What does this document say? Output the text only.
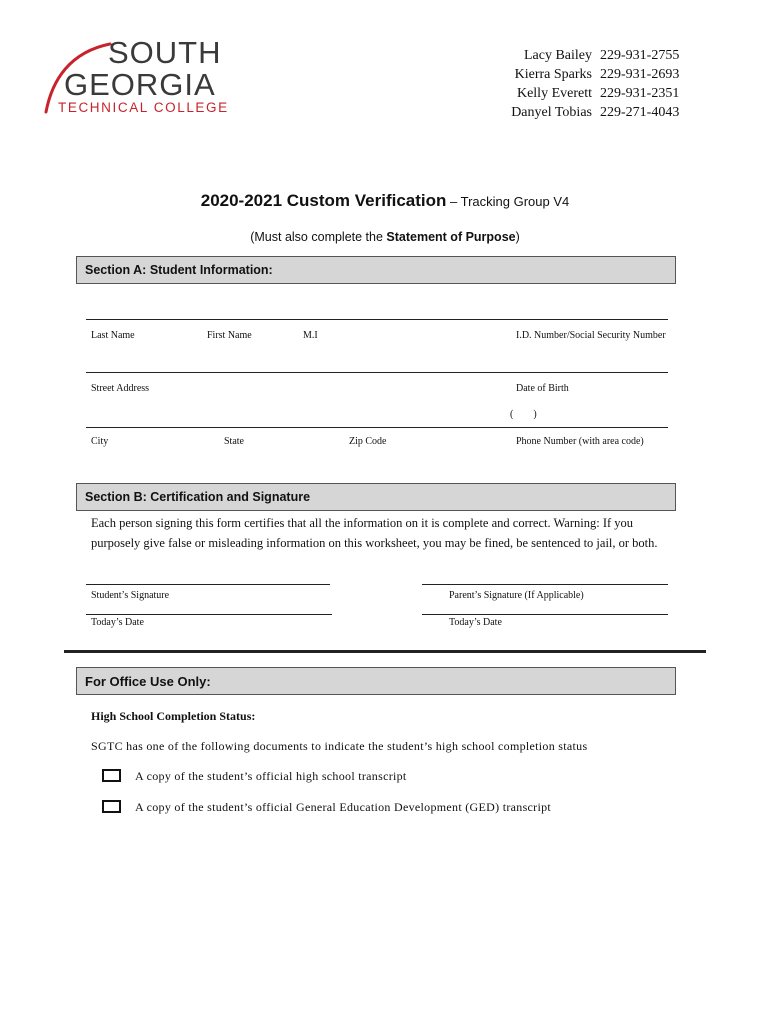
SOUTH
GEORGIA
TECHNICAL COLLEGE
Lacy Bailey 229-931-2755
Kierra Sparks 229-931-2693
Kelly Everett 229-931-2351
Danyel Tobias 229-271-4043
2020-2021 Custom Verification – Tracking Group V4
(Must also complete the Statement of Purpose)
Section A: Student Information:
Last Name	First Name	M.I	I.D. Number/Social Security Number
Street Address	Date of Birth
(        )
City	State	Zip Code	Phone Number (with area code)
Section B: Certification and Signature
Each person signing this form certifies that all the information on it is complete and correct. Warning: If you purposely give false or misleading information on this worksheet, you may be fined, be sentenced to jail, or both.
Student’s Signature	Parent’s Signature (If Applicable)
Today’s Date	Today’s Date
For Office Use Only:
High School Completion Status:
SGTC has one of the following documents to indicate the student’s high school completion status
A copy of the student’s official high school transcript
A copy of the student’s official General Education Development (GED) transcript
